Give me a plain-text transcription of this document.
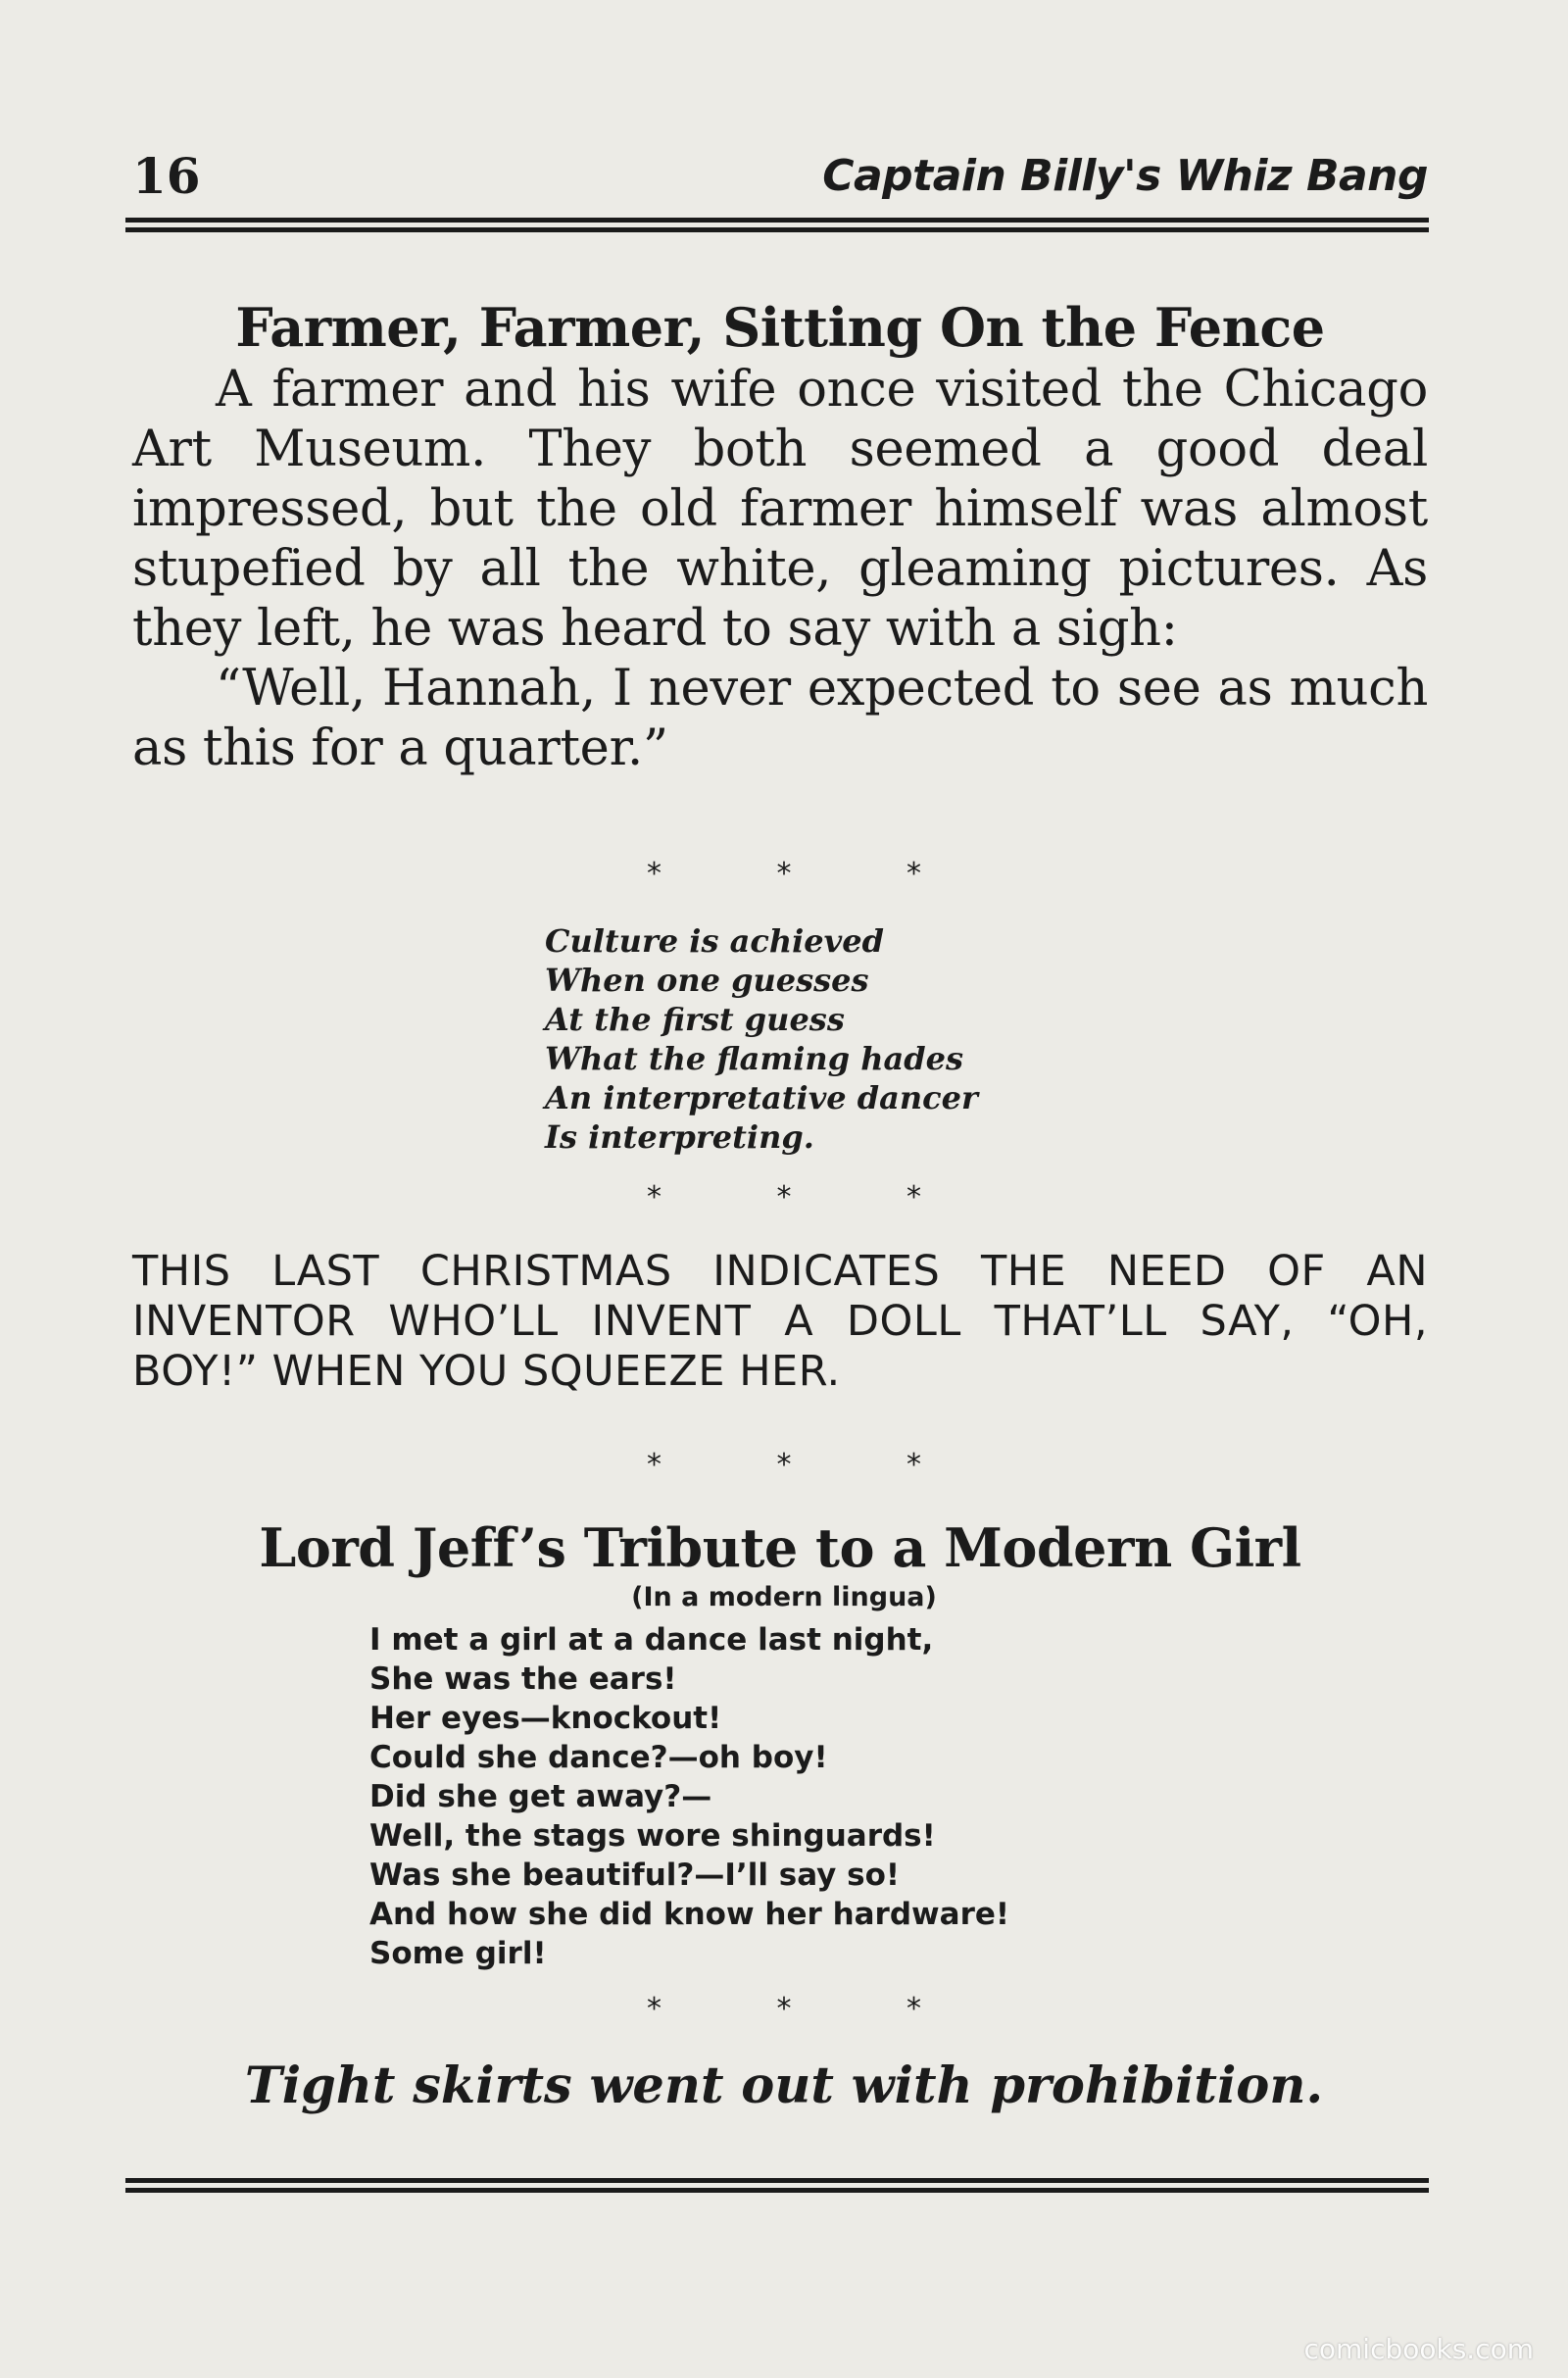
16	Captain Billy's Whiz Bang
Farmer, Farmer, Sitting On the Fence

A farmer and his wife once visited the Chicago Art Museum. They both seemed a good deal impressed, but the old farmer himself was almost stupefied by all the white, gleaming pictures. As they left, he was heard to say with a sigh:

“Well, Hannah, I never expected to see as much as this for a quarter.”

* * *
Culture is achieved
When one guesses
At the first guess
What the flaming hades
An interpretative dancer
Is interpreting.
* * *

THIS LAST CHRISTMAS INDICATES THE NEED OF AN INVENTOR WHO’LL INVENT A DOLL THAT’LL SAY, “OH, BOY!” WHEN YOU SQUEEZE HER.

* * *
Lord Jeff’s Tribute to a Modern Girl
(In a modern lingua)
I met a girl at a dance last night,
She was the ears!
Her eyes—knockout!
Could she dance?—oh boy!
Did she get away?—
Well, the stags wore shinguards!
Was she beautiful?—I’ll say so!
And how she did know her hardware!
Some girl!
* * *
Tight skirts went out with prohibition.
comicbooks.com
